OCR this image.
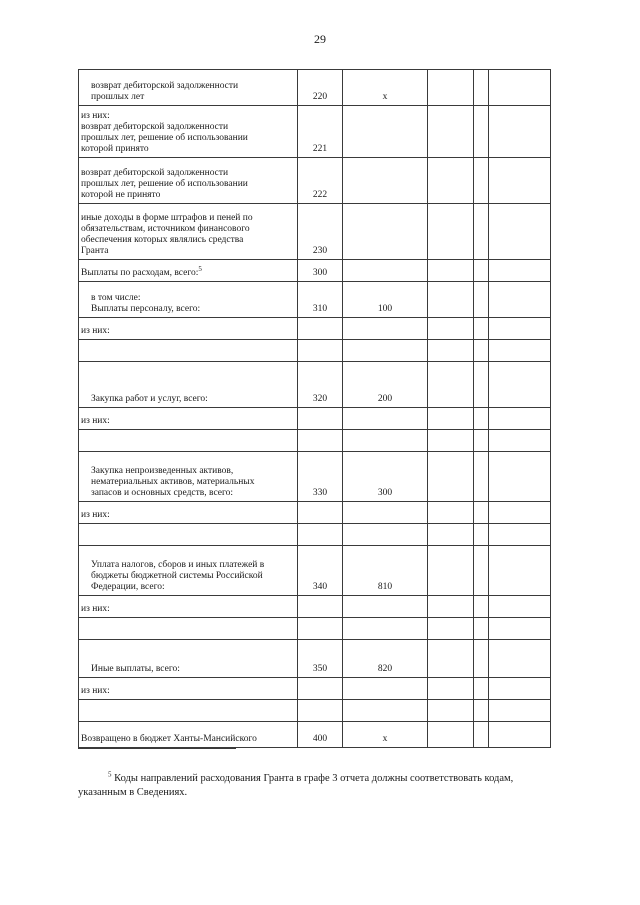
29
возврат дебиторской задолженности
прошлых лет	220	х			

из них:
возврат дебиторской задолженности
прошлых лет, решение об использовании
которой принято	221				

возврат дебиторской задолженности
прошлых лет, решение об использовании
которой не принято	222				

иные доходы в форме штрафов и пеней по
обязательствам, источником финансового
обеспечения которых являлись средства
Гранта	230				

Выплаты по расходам, всего:$^5$	300				

в том числе:
Выплаты персоналу, всего:	310	100			

из них:					

Закупка работ и услуг, всего:	320	200			

из них:					

Закупка непроизведенных активов,
нематериальных активов, материальных
запасов и основных средств, всего:	330	300			

из них:					

Уплата налогов, сборов и иных платежей в
бюджеты бюджетной системы Российской
Федерации, всего:	340	810			

из них:					

Иные выплаты, всего:	350	820			

из них:					

Возвращено в бюджет Ханты-Мансийского	400	х			
$^5$ Коды направлений расходования Гранта в графе 3 отчета должны соответствовать кодам,
указанным в Сведениях.
